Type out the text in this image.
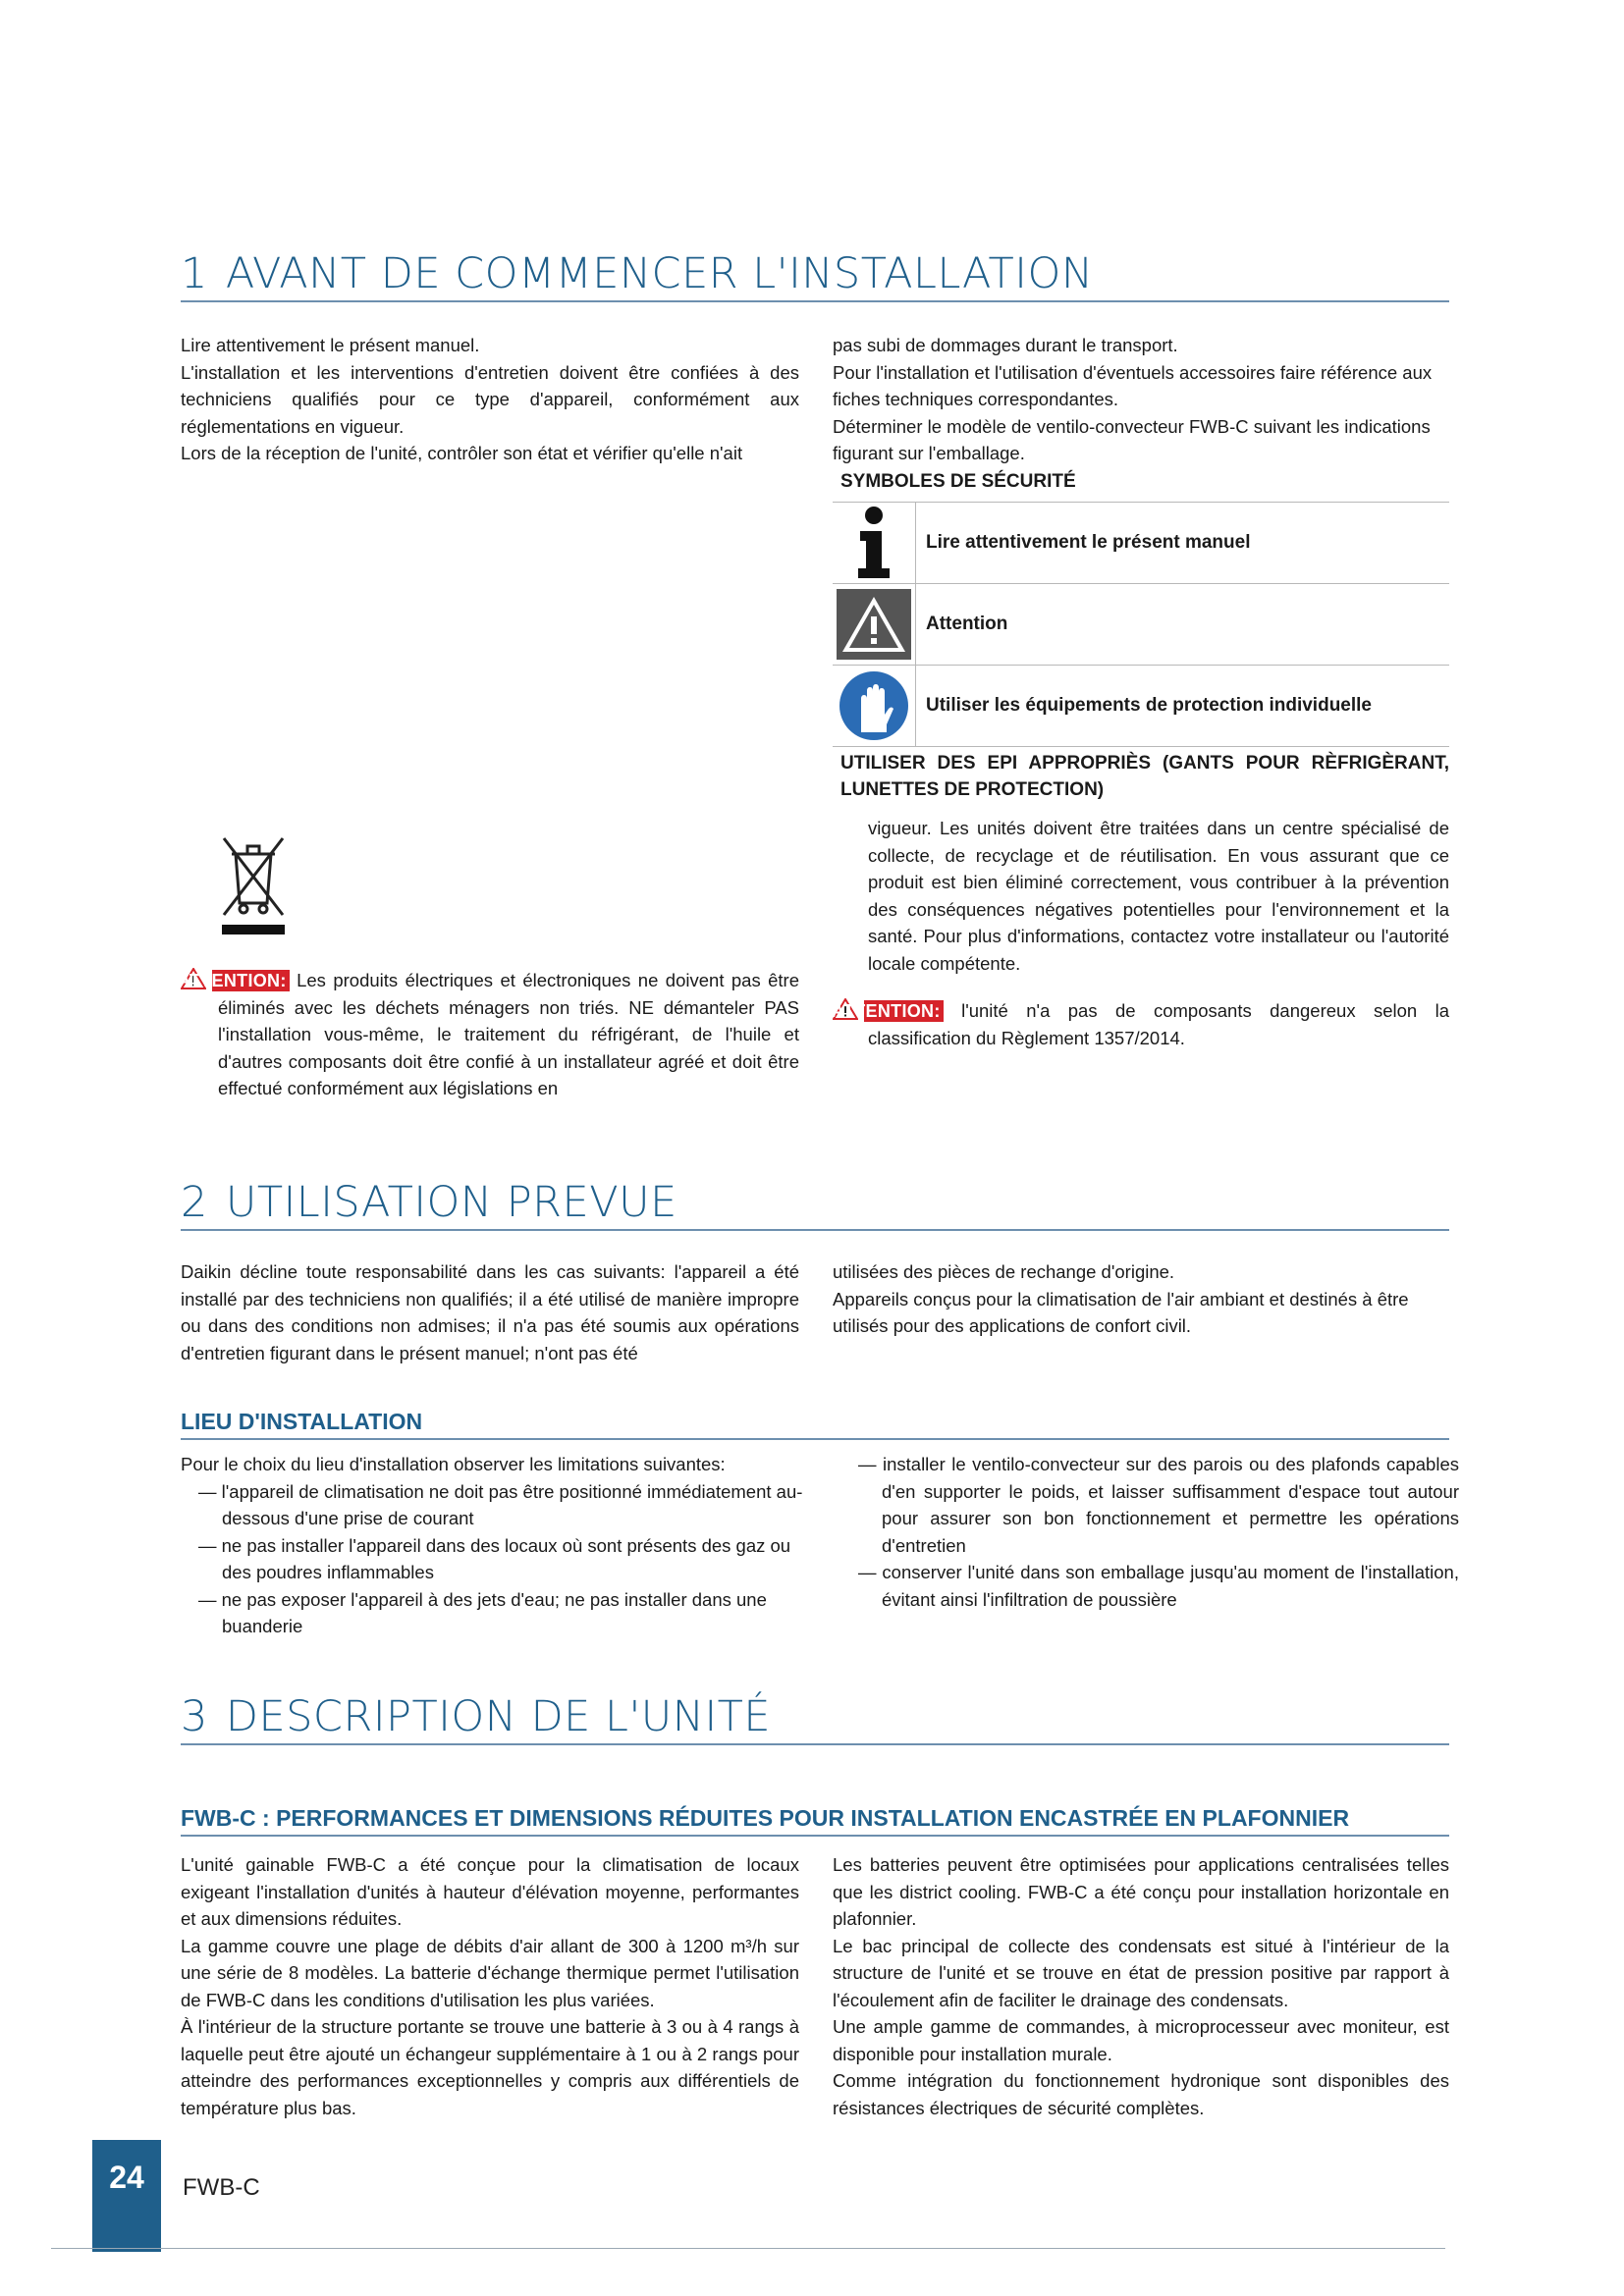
1 AVANT DE COMMENCER L'INSTALLATION

Lire attentivement le présent manuel.

L'installation et les interventions d'entretien doivent être confiées à des techniciens qualifiés pour ce type d'appareil, conformément aux réglementations en vigueur.

Lors de la réception de l'unité, contrôler son état et vérifier qu'elle n'ait

pas subi de dommages durant le transport.

Pour l'installation et l'utilisation d'éventuels accessoires faire référence aux fiches techniques correspondantes.

Déterminer le modèle de ventilo-convecteur FWB-C suivant les indications figurant sur l'emballage.

SYMBOLES DE SÉCURITÉ
Lire attentivement le présent manuel
Attention
Utiliser les équipements de protection individuelle
UTILISER DES EPI APPROPRIÈS (GANTS POUR RÈFRIGÈRANT, LUNETTES DE PROTECTION)

ATTENTION: Les produits électriques et électroniques ne doivent pas être éliminés avec les déchets ménagers non triés. NE démanteler PAS l'installation vous-même, le traitement du réfrigérant, de l'huile et d'autres composants doit être confié à un installateur agréé et doit être effectué conformément aux législations en

vigueur. Les unités doivent être traitées dans un centre spécialisé de collecte, de recyclage et de réutilisation. En vous assurant que ce produit est bien éliminé correctement, vous contribuer à la prévention des conséquences négatives potentielles pour l'environnement et la santé. Pour plus d'informations, contactez votre installateur ou l'autorité locale compétente.

ATTENTION: l'unité n'a pas de composants dangereux selon la classification du Règlement 1357/2014.

2 UTILISATION PREVUE

Daikin décline toute responsabilité dans les cas suivants: l'appareil a été installé par des techniciens non qualifiés; il a été utilisé de manière impropre ou dans des conditions non admises; il n'a pas été soumis aux opérations d'entretien figurant dans le présent manuel; n'ont pas été

utilisées des pièces de rechange d'origine.

Appareils conçus pour la climatisation de l'air ambiant et destinés à être utilisés pour des applications de confort civil.

LIEU D'INSTALLATION

Pour le choix du lieu d'installation observer les limitations suivantes:

— l'appareil de climatisation ne doit pas être positionné immédiatement au-dessous d'une prise de courant

— ne pas installer l'appareil dans des locaux où sont présents des gaz ou des poudres inflammables

— ne pas exposer l'appareil à des jets d'eau; ne pas installer dans une buanderie

— installer le ventilo-convecteur sur des parois ou des plafonds capables d'en supporter le poids, et laisser suffisamment d'espace tout autour pour assurer son bon fonctionnement et permettre les opérations d'entretien

— conserver l'unité dans son emballage jusqu'au moment de l'installation, évitant ainsi l'infiltration de poussière

3 DESCRIPTION DE L'UNITÉ
FWB-C : PERFORMANCES ET DIMENSIONS RÉDUITES POUR INSTALLATION ENCASTRÉE EN PLAFONNIER

L'unité gainable FWB-C a été conçue pour la climatisation de locaux exigeant l'installation d'unités à hauteur d'élévation moyenne, performantes et aux dimensions réduites.

La gamme couvre une plage de débits d'air allant de 300 à 1200 m³/h sur une série de 8 modèles. La batterie d'échange thermique permet l'utilisation de FWB-C dans les conditions d'utilisation les plus variées.

À l'intérieur de la structure portante se trouve une batterie à 3 ou à 4 rangs à laquelle peut être ajouté un échangeur supplémentaire à 1 ou à 2 rangs pour atteindre des performances exceptionnelles y compris aux différentiels de température plus bas.

Les batteries peuvent être optimisées pour applications centralisées telles que les district cooling. FWB-C a été conçu pour installation horizontale en plafonnier.

Le bac principal de collecte des condensats est situé à l'intérieur de la structure de l'unité et se trouve en état de pression positive par rapport à l'écoulement afin de faciliter le drainage des condensats.

Une ample gamme de commandes, à microprocesseur avec moniteur, est disponible pour installation murale.

Comme intégration du fonctionnement hydronique sont disponibles des résistances électriques de sécurité complètes.

24 FWB-C
